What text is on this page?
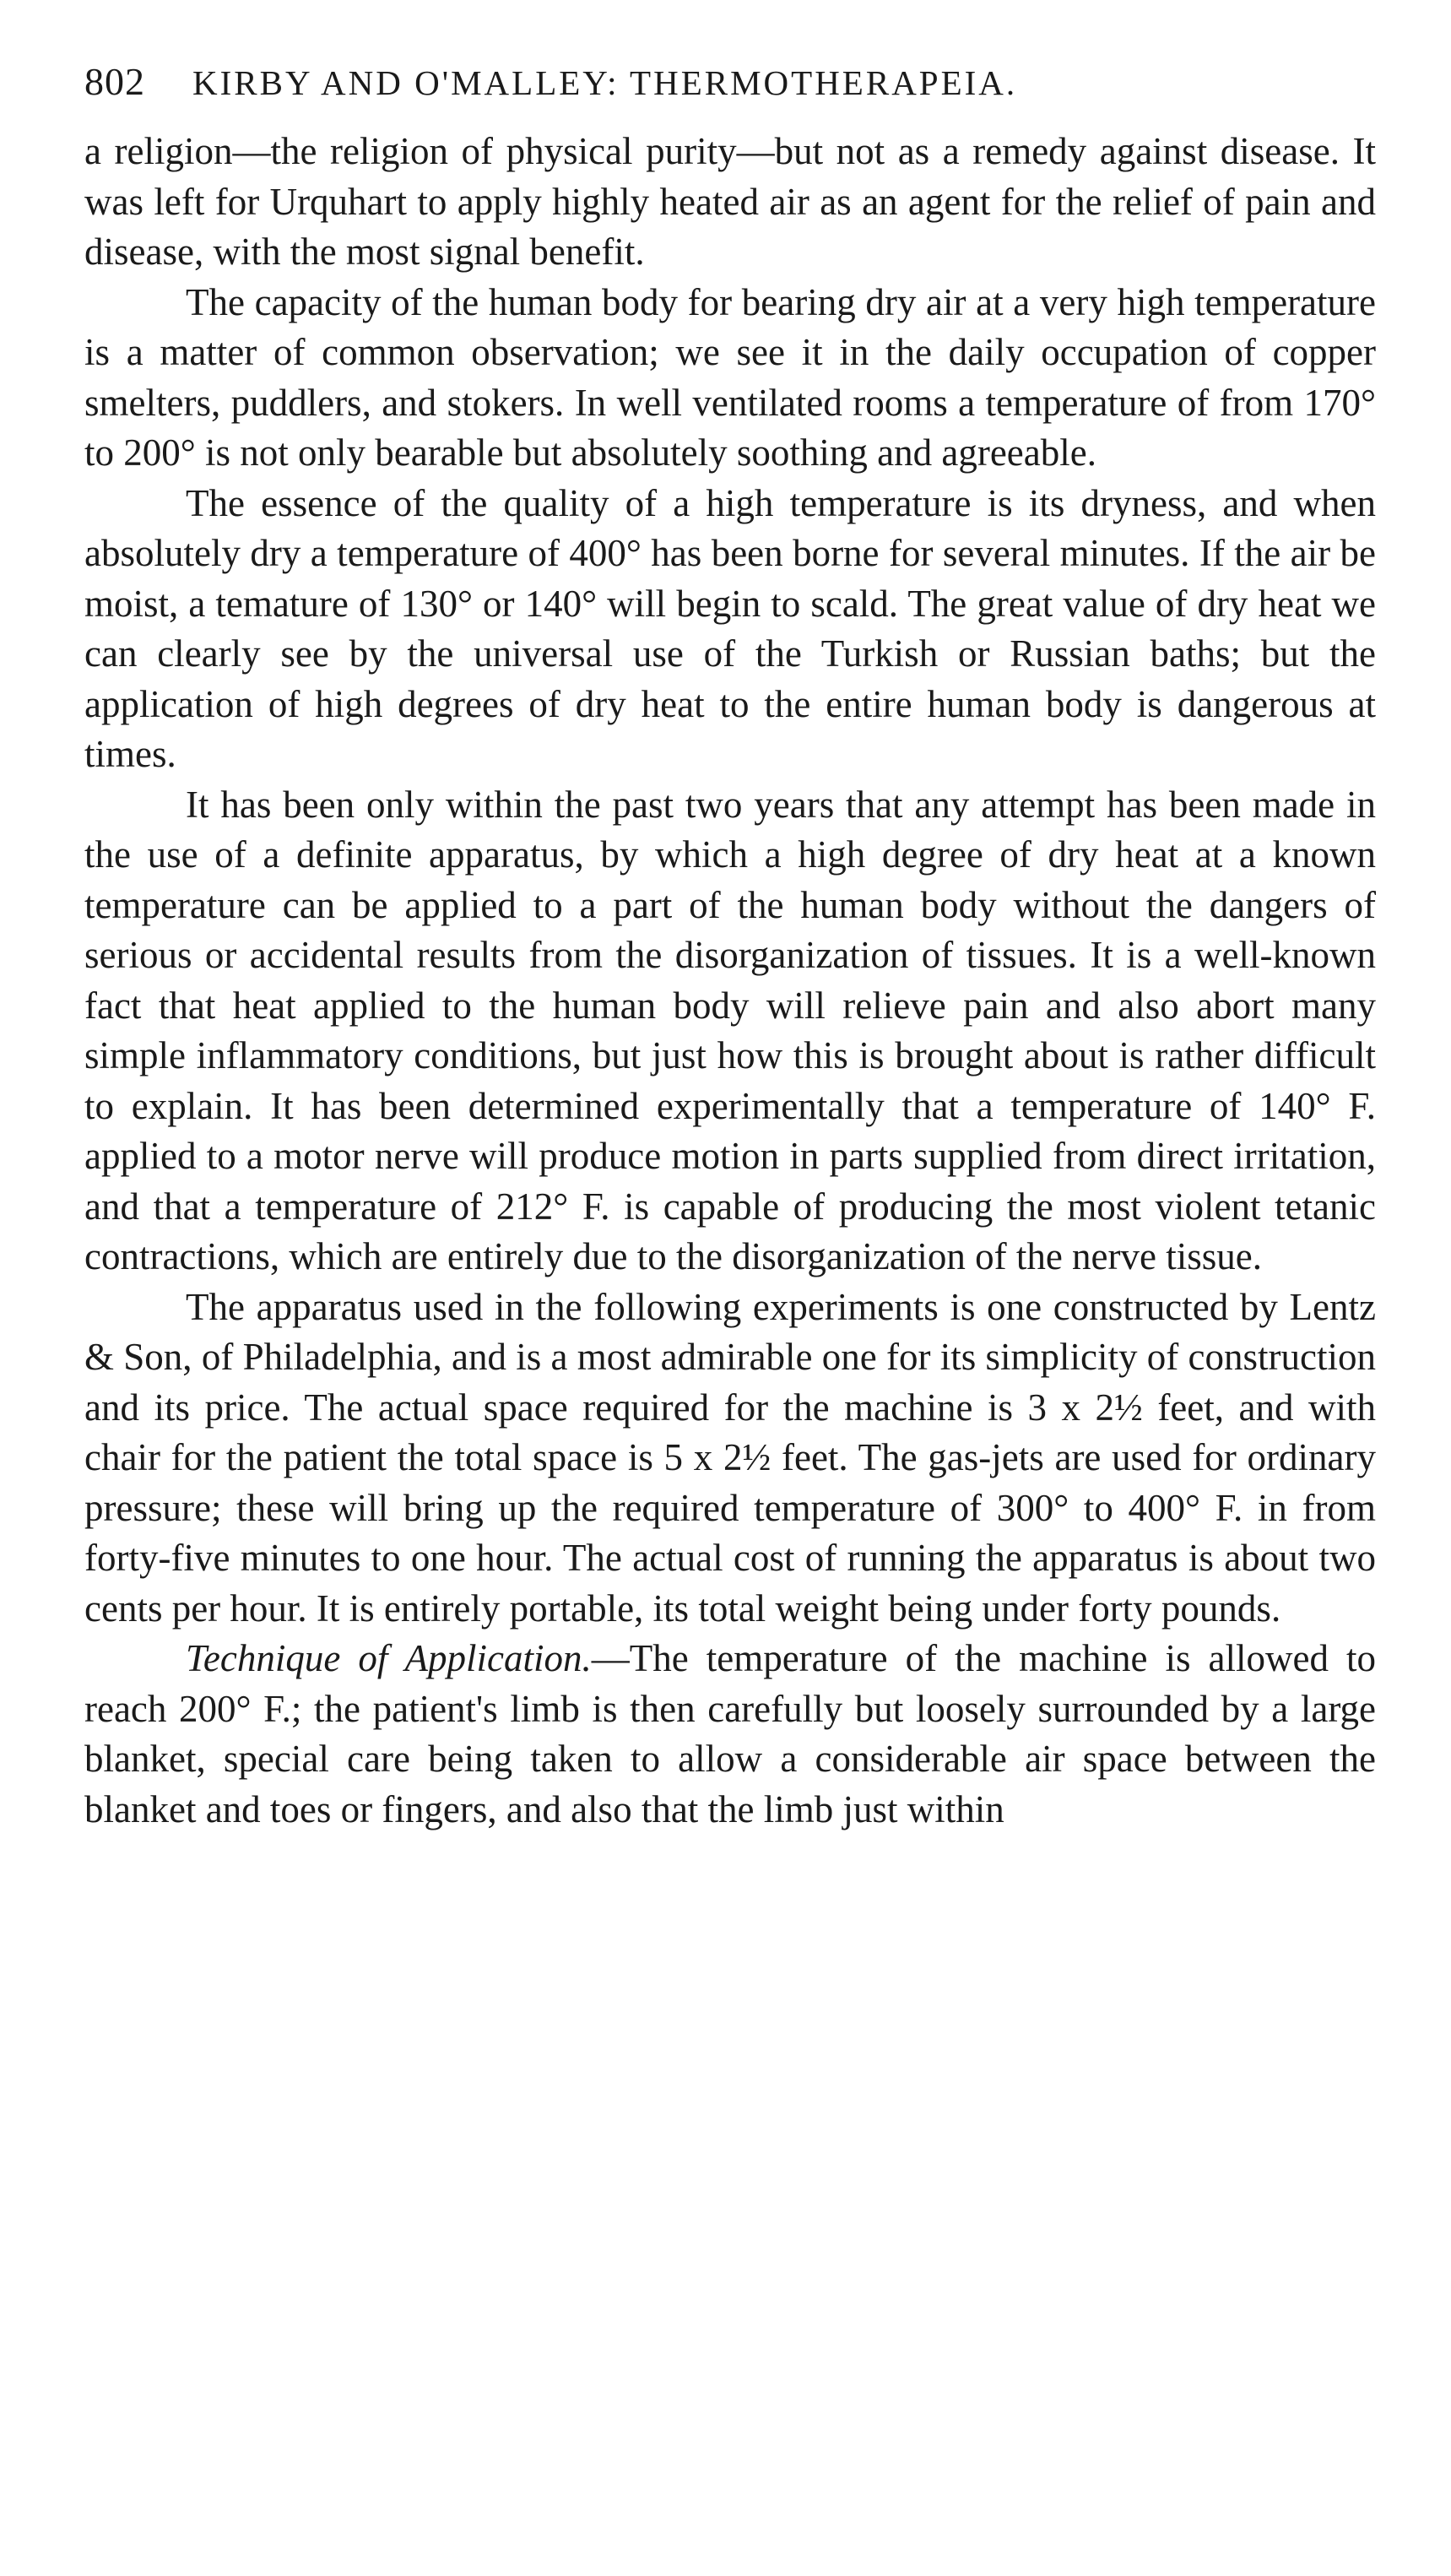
802 KIRBY AND O'MALLEY: THERMOTHERAPEIA.

a religion—the religion of physical purity—but not as a remedy against disease. It was left for Urquhart to apply highly heated air as an agent for the relief of pain and disease, with the most signal benefit.

The capacity of the human body for bearing dry air at a very high temperature is a matter of common observation; we see it in the daily occupation of copper smelters, puddlers, and stokers. In well ventilated rooms a temperature of from 170° to 200° is not only bearable but absolutely soothing and agreeable.

The essence of the quality of a high temperature is its dryness, and when absolutely dry a temperature of 400° has been borne for several minutes. If the air be moist, a temature of 130° or 140° will begin to scald. The great value of dry heat we can clearly see by the universal use of the Turkish or Russian baths; but the application of high degrees of dry heat to the entire human body is dangerous at times.

It has been only within the past two years that any attempt has been made in the use of a definite apparatus, by which a high degree of dry heat at a known temperature can be applied to a part of the human body without the dangers of serious or accidental results from the disorganization of tissues. It is a well-known fact that heat applied to the human body will relieve pain and also abort many simple inflammatory conditions, but just how this is brought about is rather difficult to explain. It has been determined experimentally that a temperature of 140° F. applied to a motor nerve will produce motion in parts supplied from direct irritation, and that a temperature of 212° F. is capable of producing the most violent tetanic contractions, which are entirely due to the disorganization of the nerve tissue.

The apparatus used in the following experiments is one constructed by Lentz & Son, of Philadelphia, and is a most admirable one for its simplicity of construction and its price. The actual space required for the machine is 3 x 2½ feet, and with chair for the patient the total space is 5 x 2½ feet. The gas-jets are used for ordinary pressure; these will bring up the required temperature of 300° to 400° F. in from forty-five minutes to one hour. The actual cost of running the apparatus is about two cents per hour. It is entirely portable, its total weight being under forty pounds.

Technique of Application.—The temperature of the machine is allowed to reach 200° F.; the patient's limb is then carefully but loosely surrounded by a large blanket, special care being taken to allow a considerable air space between the blanket and toes or fingers, and also that the limb just within
